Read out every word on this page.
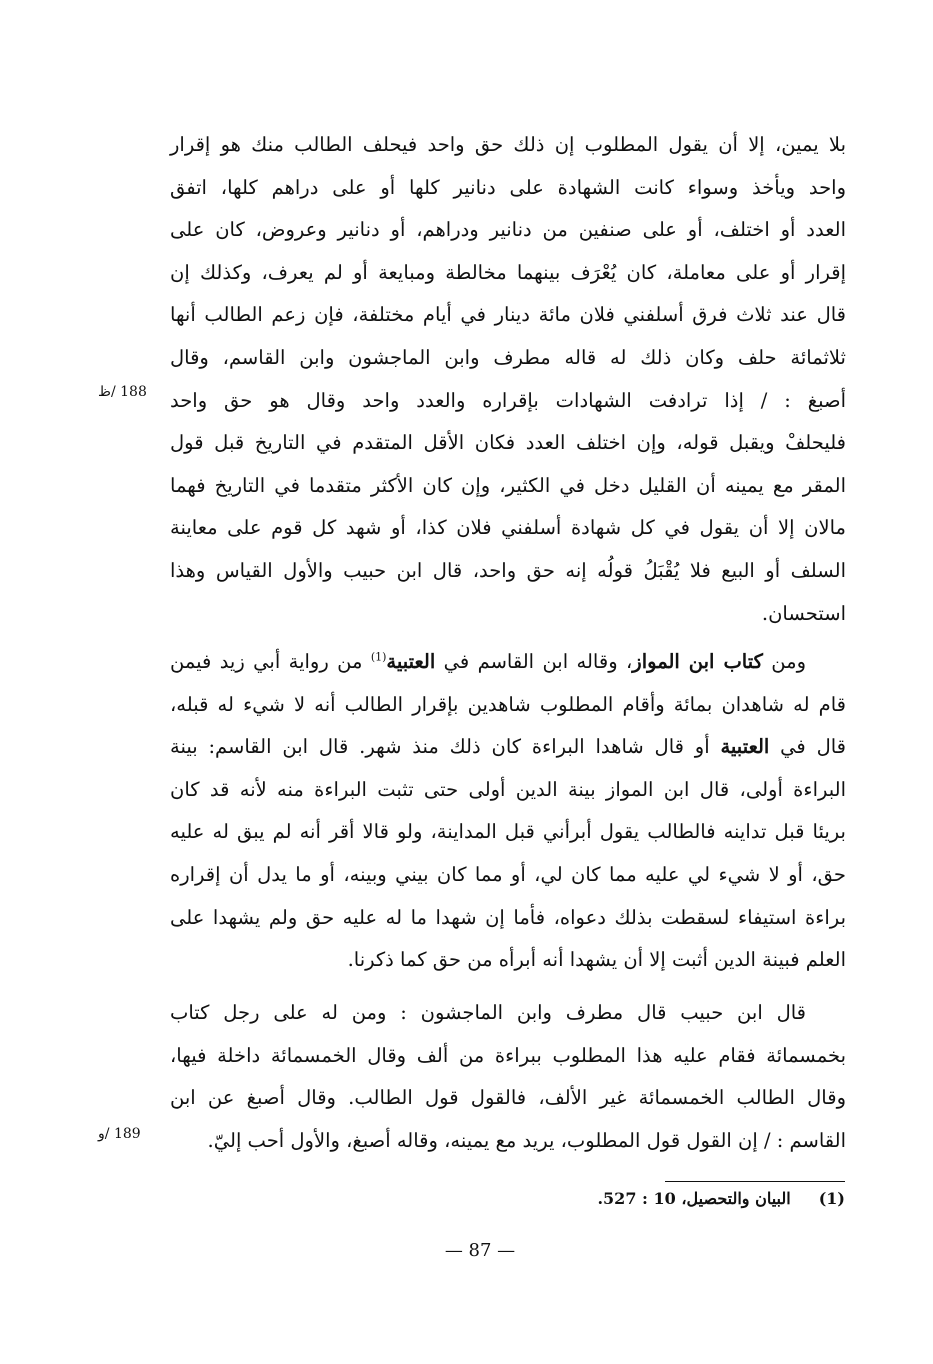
بلا يمين، إلا أن يقول المطلوب إن ذلك حق واحد فيحلف الطالب منك هو إقرار

واحد ويأخذ وسواء كانت الشهادة على دنانير كلها أو على دراهم كلها، اتفق

العدد أو اختلف، أو على صنفين من دنانير ودراهم، أو دنانير وعروض، كان على

إقرار أو على معاملة، كان يُعْرَف بينهما مخالطة ومبايعة أو لم يعرف، وكذلك إن

قال عند ثلاث فرق أسلفني فلان مائة دينار في أيام مختلفة، فإن زعم الطالب أنها

ثلاثمائة حلف وكان ذلك له قاله مطرف وابن الماجشون وابن القاسم، وقال

أصبغ : / إذا ترادفت الشهادات بإقراره والعدد واحد وقال هو حق واحد

فليحلفْ ويقبل قوله، وإن اختلف العدد فكان الأقل المتقدم في التاريخ قبل قول

المقر مع يمينه أن القليل دخل في الكثير، وإن كان الأكثر متقدما في التاريخ فهما

مالان إلا أن يقول في كل شهادة أسلفني فلان كذا، أو شهد كل قوم على معاينة

السلف أو البيع فلا يُقْبَلُ قولُه إنه حق واحد، قال ابن حبيب والأول القياس وهذا

استحسان.

ومن كتاب ابن المواز، وقاله ابن القاسم في العتبية$^{(1)}$ من رواية أبي زيد فيمن

قام له شاهدان بمائة وأقام المطلوب شاهدين بإقرار الطالب أنه لا شيء له قبله،

قال في العتبية أو قال شاهدا البراءة كان ذلك منذ شهر. قال ابن القاسم: بينة

البراءة أولى، قال ابن المواز بينة الدين أولى حتى تثبت البراءة منه لأنه قد كان

بريئا قبل تداينه فالطالب يقول أبرأني قبل المداينة، ولو قالا أقر أنه لم يبق له عليه

حق، أو لا شيء لي عليه مما كان لي، أو مما كان بيني وبينه، أو ما يدل أن إقراره

براءة استيفاء لسقطت بذلك دعواه، فأما إن شهدا ما له عليه حق ولم يشهدا على

العلم فبينة الدين أثبت إلا أن يشهدا أنه أبرأه من حق كما ذكرنا.

قال ابن حبيب قال مطرف وابن الماجشون : ومن له على رجل كتاب

بخمسمائة فقام عليه هذا المطلوب ببراءة من ألف وقال الخمسمائة داخلة فيها،

وقال الطالب الخمسمائة غير الألف، فالقول قول الطالب. وقال أصبغ عن ابن

القاسم : / إن القول قول المطلوب، يريد مع يمينه، وقاله أصبغ، والأول أحب إليّ.

188 /ظ
189 /و
(1)البيان والتحصيل، 10 : 527.
— 87 —
